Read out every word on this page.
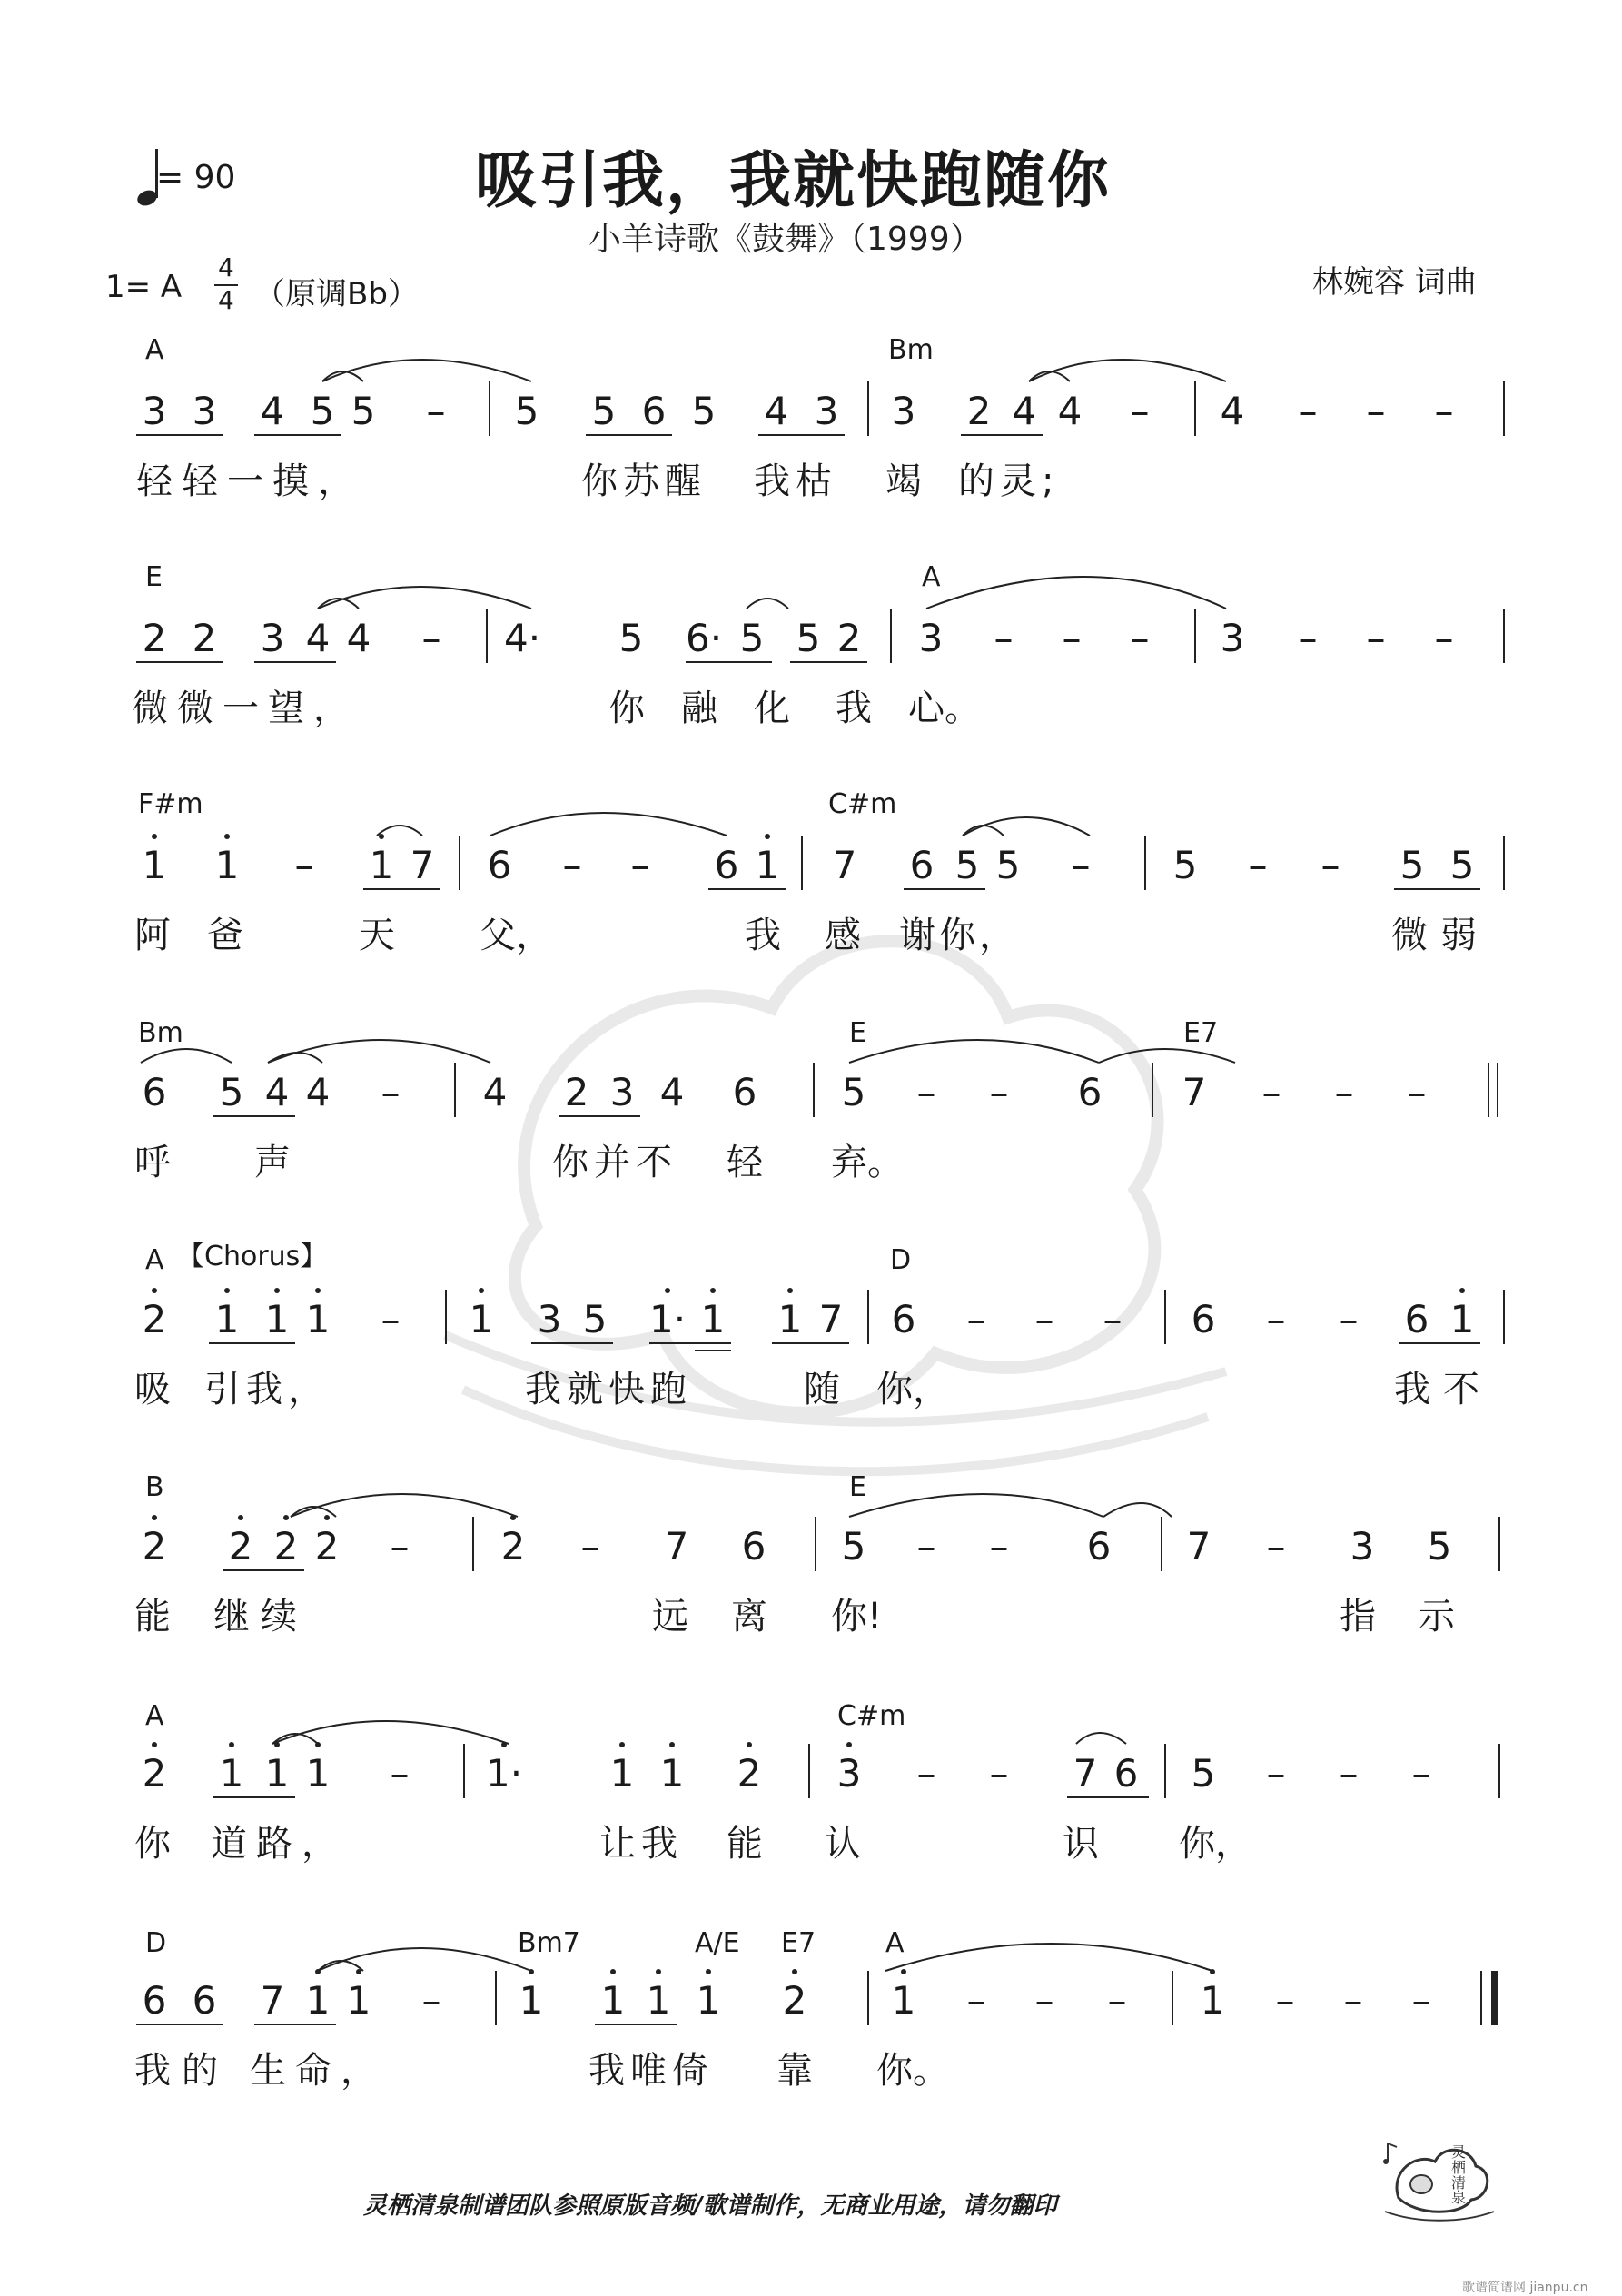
= 90	吸引我，我就快跑随你
小羊诗歌《鼓舞》（1999）
1= A
4
4 （原调Bb）	林婉容 词曲
A	Bm
3 3 4 5 5 – 5 5 6 5 4 3 3 2 4 4 – 4 – – –
轻轻一摸，	你苏醒 我枯 竭 的灵;
E	A
2 2 3 4 4 – 4· 5 6· 5 5 2 3 – – – 3 – – –
微微一望，	你 融 化 我 心。
F#m	C#m
1 1 – 1 7 6 – – 6 1 7 6 5 5 – 5 – – 5 5
阿 爸	天 父，	我 感 谢你，	微弱
Bm	E	E7
6 5 4 4 – 4 2 3 4 6 5 – – 6 7 – – –
呼 声	你并不 轻 弃。
A 【Chorus】	D
2 1 1 1 – 1 3 5 1· 1 1 7 6 – – – 6 – – 6 1
吸 引我，	我就快跑	随 你，	我不
B	E
2 2 2 2 – 2 – 7 6 5 – – 6 7 – 3 5
能 继续	远 离 你!	指 示
A	C#m
2 1 1 1 – 1· 1 1 2 3 – – 7 6 5 – – –
你 道路，	让我 能 认	识 你，
D	Bm7	A/E E7	A
6 6 7 1 1 – 1 1 1 1 2 1 – – – 1 – – –
我的 生命，	我唯倚 靠 你。
灵栖清泉制谱团队参照原版音频/歌谱制作，无商业用途，请勿翻印
灵栖清泉
歌谱简谱网 jianpu.cn
